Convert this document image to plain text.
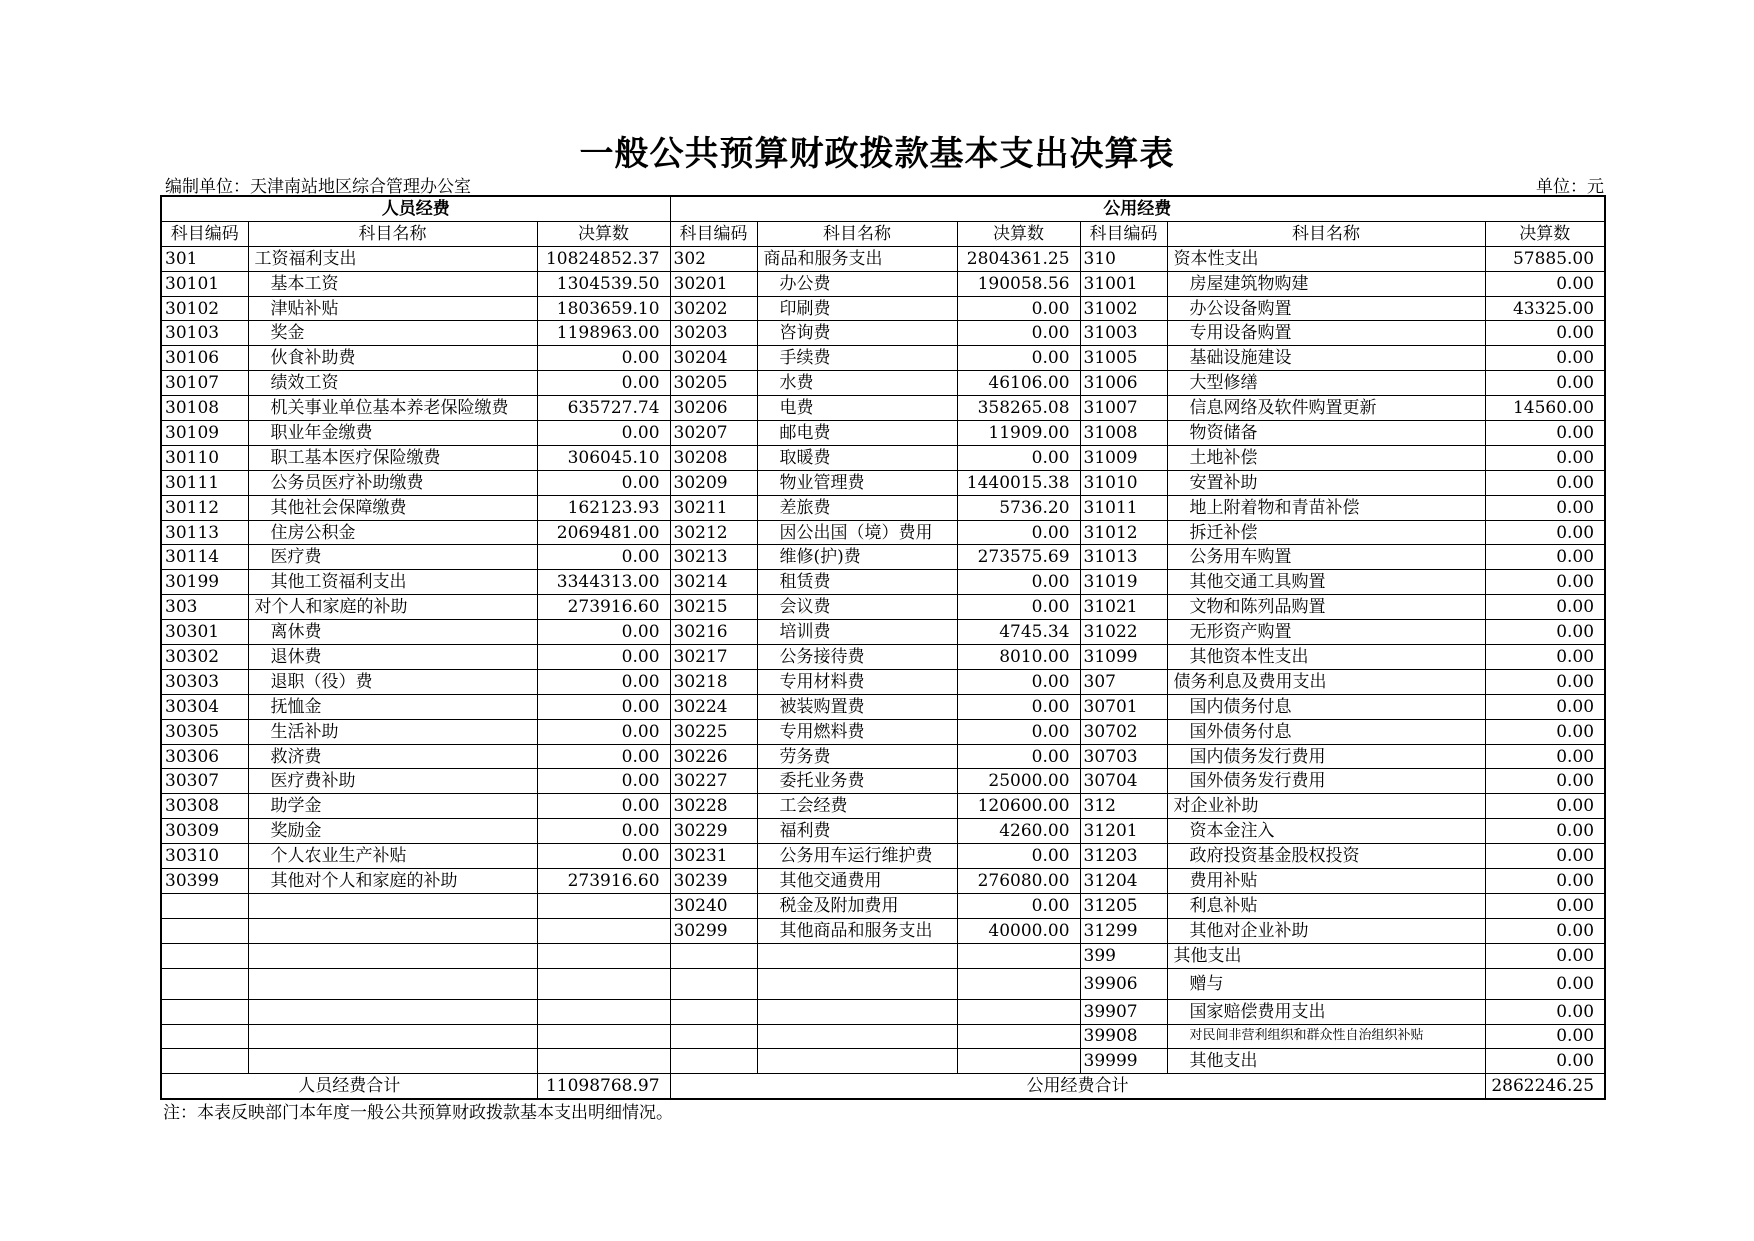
一般公共预算财政拨款基本支出决算表
编制单位：天津南站地区综合管理办公室	单位：元
人员经费			公用经费					
科目编码	科目名称	决算数	科目编码	科目名称	决算数	科目编码	科目名称	决算数
301	工资福利支出	10824852.37	302	商品和服务支出	2804361.25	310	资本性支出	57885.00
30101	基本工资	1304539.50	30201	办公费	190058.56	31001	房屋建筑物购建	0.00
30102	津贴补贴	1803659.10	30202	印刷费	0.00	31002	办公设备购置	43325.00
30103	奖金	1198963.00	30203	咨询费	0.00	31003	专用设备购置	0.00
30106	伙食补助费	0.00	30204	手续费	0.00	31005	基础设施建设	0.00
30107	绩效工资	0.00	30205	水费	46106.00	31006	大型修缮	0.00
30108	机关事业单位基本养老保险缴费	635727.74	30206	电费	358265.08	31007	信息网络及软件购置更新	14560.00
30109	职业年金缴费	0.00	30207	邮电费	11909.00	31008	物资储备	0.00
30110	职工基本医疗保险缴费	306045.10	30208	取暖费	0.00	31009	土地补偿	0.00
30111	公务员医疗补助缴费	0.00	30209	物业管理费	1440015.38	31010	安置补助	0.00
30112	其他社会保障缴费	162123.93	30211	差旅费	5736.20	31011	地上附着物和青苗补偿	0.00
30113	住房公积金	2069481.00	30212	因公出国（境）费用	0.00	31012	拆迁补偿	0.00
30114	医疗费	0.00	30213	维修(护)费	273575.69	31013	公务用车购置	0.00
30199	其他工资福利支出	3344313.00	30214	租赁费	0.00	31019	其他交通工具购置	0.00
303	对个人和家庭的补助	273916.60	30215	会议费	0.00	31021	文物和陈列品购置	0.00
30301	离休费	0.00	30216	培训费	4745.34	31022	无形资产购置	0.00
30302	退休费	0.00	30217	公务接待费	8010.00	31099	其他资本性支出	0.00
30303	退职（役）费	0.00	30218	专用材料费	0.00	307	债务利息及费用支出	0.00
30304	抚恤金	0.00	30224	被装购置费	0.00	30701	国内债务付息	0.00
30305	生活补助	0.00	30225	专用燃料费	0.00	30702	国外债务付息	0.00
30306	救济费	0.00	30226	劳务费	0.00	30703	国内债务发行费用	0.00
30307	医疗费补助	0.00	30227	委托业务费	25000.00	30704	国外债务发行费用	0.00
30308	助学金	0.00	30228	工会经费	120600.00	312	对企业补助	0.00
30309	奖励金	0.00	30229	福利费	4260.00	31201	资本金注入	0.00
30310	个人农业生产补贴	0.00	30231	公务用车运行维护费	0.00	31203	政府投资基金股权投资	0.00
30399	其他对个人和家庭的补助	273916.60	30239	其他交通费用	276080.00	31204	费用补贴	0.00
			30240	税金及附加费用	0.00	31205	利息补贴	0.00
			30299	其他商品和服务支出	40000.00	31299	其他对企业补助	0.00
						399	其他支出	0.00
						39906	赠与	0.00
						39907	国家赔偿费用支出	0.00
						39908	对民间非营利组织和群众性自治组织补贴	0.00
						39999	其他支出	0.00
人员经费合计		11098768.97	公用经费合计					2862246.25
注：本表反映部门本年度一般公共预算财政拨款基本支出明细情况。
